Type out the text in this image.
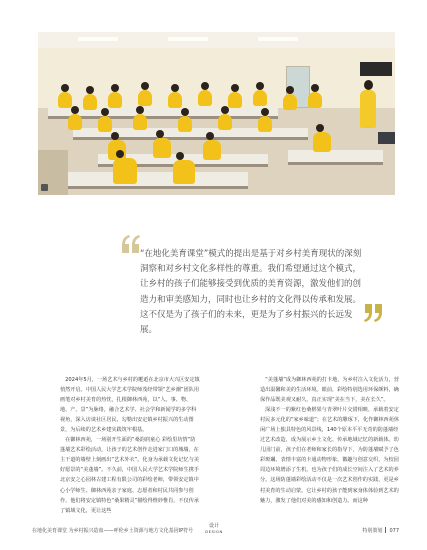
“在地化美育课堂”模式的提出是基于对乡村美育现状的深刻洞察和对乡村文化多样性的尊重。我们希望通过这个模式，让乡村的孩子们能够接受到优质的美育资源，激发他们的创造力和审美感知力，同时也让乡村的文化得以传承和发展。这不仅是为了孩子们的未来，更是为了乡村振兴的长远发展。

2024年5月，一场艺术与乡村的邂逅在北京市大兴区安定镇悄然开启。中国人民大学艺术学院师茂经带领“艺乡潮”团队用画笔对乡村美育的热忱，扎根御林西苑，以“人、事、物、地、产、景”为脉络，融合艺术学、社会学和新闻学的多学科视角，深入访谈社区居民，勾勒出安定镇乡村振兴的生动图景，为后续的艺术乡建实践筑牢根基。

在御林西苑，一场别开生面的“桑韵润童心 彩绘里坊情”防蓬墙艺术彩绘活动，让孩子的艺术创作走进家门口的城墙，在主干道的墙壁上刻画出“艺术外衣”。化身为承载文化记忆与美好愿景的“美蓬墙”。不久前，中国人民大学艺术学院师生携手北京安之心园林古建工程有限公司的彩绘老师，带领安定镇中心小学师生、御林西苑亲子家庭、志愿者和村民共同参与创作。他们将安定镇特色“桑果精灵”描绘得惟妙惟肖，不仅传承了镇域文化，更让这些

“美蓬墙”成为御林西苑的打卡地，为乡村注入文化活力，营造出温馨和美的生活环境。眼前，彩绘特别选用环保颜料，确保作品既美观又耐久，真正实现“美在当下，美在长久”。

深浅不一的紫红色桑椹果与青翠叶片交错相映，承载着安定村民多元化的“家乡味道”；在艺术的雕琢下，化作御林西苑休闲广场上独具特色的风景线，140个原本平平无奇的防蓬墙经过艺术改造，成为展示乡土文化、传承地域记忆的新载体。幼儿园门前，孩子们在老师和家长的指导下，为防蓬墙赋予了色彩斑斓、表情丰富的卡通动物形象，徽趣与创意交织，为校园周边环境增添了生机，也为孩子们的成长空间注入了艺术的养分。这场防蓬墙彩绘活动不仅是一次艺术创作的实践，更是乡村美育的生动启蒙。它让乡村的孩子能到家身体体验到艺术的魅力，激发了他们对美的感知和创造力。而这种

在地化美育课堂 为乡村振兴造血——呼伦乡土资源与地方文化基因IP符号
设计
DESIGN	特别策划 077
